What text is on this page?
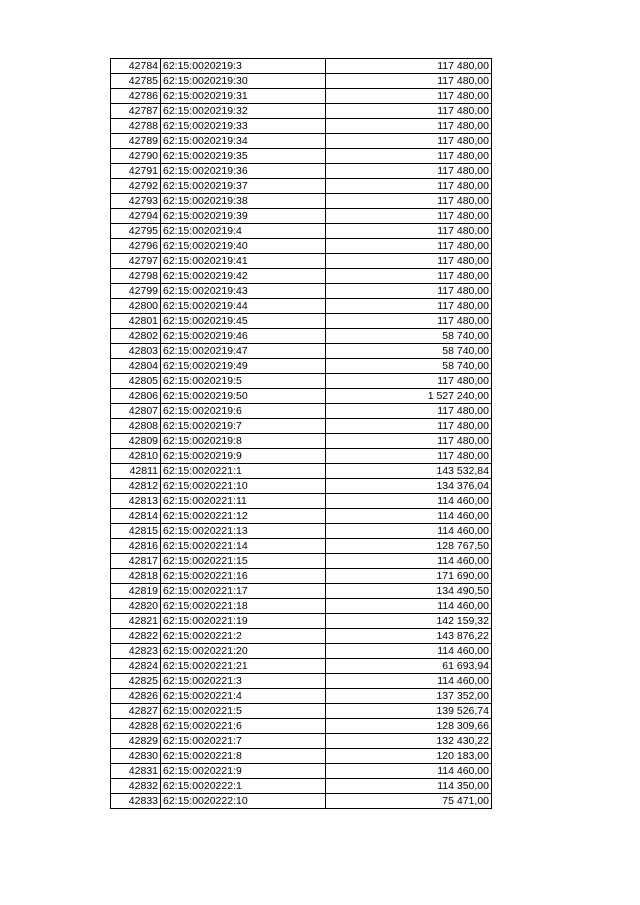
42784	62:15:0020219:3	117 480,00
42785	62:15:0020219:30	117 480,00
42786	62:15:0020219:31	117 480,00
42787	62:15:0020219:32	117 480,00
42788	62:15:0020219:33	117 480,00
42789	62:15:0020219:34	117 480,00
42790	62:15:0020219:35	117 480,00
42791	62:15:0020219:36	117 480,00
42792	62:15:0020219:37	117 480,00
42793	62:15:0020219:38	117 480,00
42794	62:15:0020219:39	117 480,00
42795	62:15:0020219:4	117 480,00
42796	62:15:0020219:40	117 480,00
42797	62:15:0020219:41	117 480,00
42798	62:15:0020219:42	117 480,00
42799	62:15:0020219:43	117 480,00
42800	62:15:0020219:44	117 480,00
42801	62:15:0020219:45	117 480,00
42802	62:15:0020219:46	58 740,00
42803	62:15:0020219:47	58 740,00
42804	62:15:0020219:49	58 740,00
42805	62:15:0020219:5	117 480,00
42806	62:15:0020219:50	1 527 240,00
42807	62:15:0020219:6	117 480,00
42808	62:15:0020219:7	117 480,00
42809	62:15:0020219:8	117 480,00
42810	62:15:0020219:9	117 480,00
42811	62:15:0020221:1	143 532,84
42812	62:15:0020221:10	134 376,04
42813	62:15:0020221:11	114 460,00
42814	62:15:0020221:12	114 460,00
42815	62:15:0020221:13	114 460,00
42816	62:15:0020221:14	128 767,50
42817	62:15:0020221:15	114 460,00
42818	62:15:0020221:16	171 690,00
42819	62:15:0020221:17	134 490,50
42820	62:15:0020221:18	114 460,00
42821	62:15:0020221:19	142 159,32
42822	62:15:0020221:2	143 876,22
42823	62:15:0020221:20	114 460,00
42824	62:15:0020221:21	61 693,94
42825	62:15:0020221:3	114 460,00
42826	62:15:0020221:4	137 352,00
42827	62:15:0020221:5	139 526,74
42828	62:15:0020221:6	128 309,66
42829	62:15:0020221:7	132 430,22
42830	62:15:0020221:8	120 183,00
42831	62:15:0020221:9	114 460,00
42832	62:15:0020222:1	114 350,00
42833	62:15:0020222:10	75 471,00
